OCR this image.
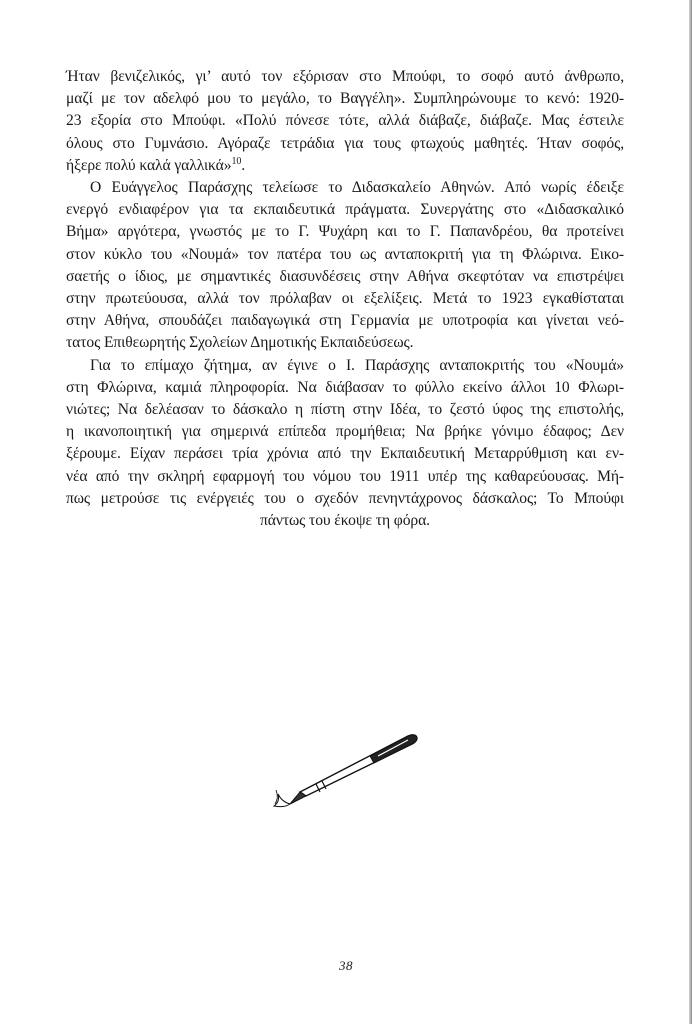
Ήταν βενιζελικός, γι’ αυτό τον εξόρισαν στο Μπούφι, το σοφό αυτό άνθρωπο,
μαζί με τον αδελφό μου το μεγάλο, το Βαγγέλη». Συμπληρώνουμε το κενό: 1920-
23 εξορία στο Μπούφι. «Πολύ πόνεσε τότε, αλλά διάβαζε, διάβαζε. Μας έστειλε
όλους στο Γυμνάσιο. Αγόραζε τετράδια για τους φτωχούς μαθητές. Ήταν σοφός,
ήξερε πολύ καλά γαλλικά»$^{10}$.

Ο Ευάγγελος Παράσχης τελείωσε το Διδασκαλείο Αθηνών. Από νωρίς έδειξε
ενεργό ενδιαφέρον για τα εκπαιδευτικά πράγματα. Συνεργάτης στο «Διδασκαλικό
Βήμα» αργότερα, γνωστός με το Γ. Ψυχάρη και το Γ. Παπανδρέου, θα προτείνει
στον κύκλο του «Νουμά» τον πατέρα του ως ανταποκριτή για τη Φλώρινα. Εικο-
σαετής ο ίδιος, με σημαντικές διασυνδέσεις στην Αθήνα σκεφτόταν να επιστρέψει
στην πρωτεύουσα, αλλά τον πρόλαβαν οι εξελίξεις. Μετά το 1923 εγκαθίσταται
στην Αθήνα, σπουδάζει παιδαγωγικά στη Γερμανία με υποτροφία και γίνεται νεό-
τατος Επιθεωρητής Σχολείων Δημοτικής Εκπαιδεύσεως.

Για το επίμαχο ζήτημα, αν έγινε ο Ι. Παράσχης ανταποκριτής του «Νουμά»
στη Φλώρινα, καμιά πληροφορία. Να διάβασαν το φύλλο εκείνο άλλοι 10 Φλωρι-
νιώτες; Να δελέασαν το δάσκαλο η πίστη στην Ιδέα, το ζεστό ύφος της επιστολής,
η ικανοποιητική για σημερινά επίπεδα προμήθεια; Να βρήκε γόνιμο έδαφος; Δεν
ξέρουμε. Είχαν περάσει τρία χρόνια από την Εκπαιδευτική Μεταρρύθμιση και εν-
νέα από την σκληρή εφαρμογή του νόμου του 1911 υπέρ της καθαρεύουσας. Μή-
πως μετρούσε τις ενέργειές του ο σχεδόν πενηντάχρονος δάσκαλος; Το Μπούφι
πάντως του έκοψε τη φόρα.

38
